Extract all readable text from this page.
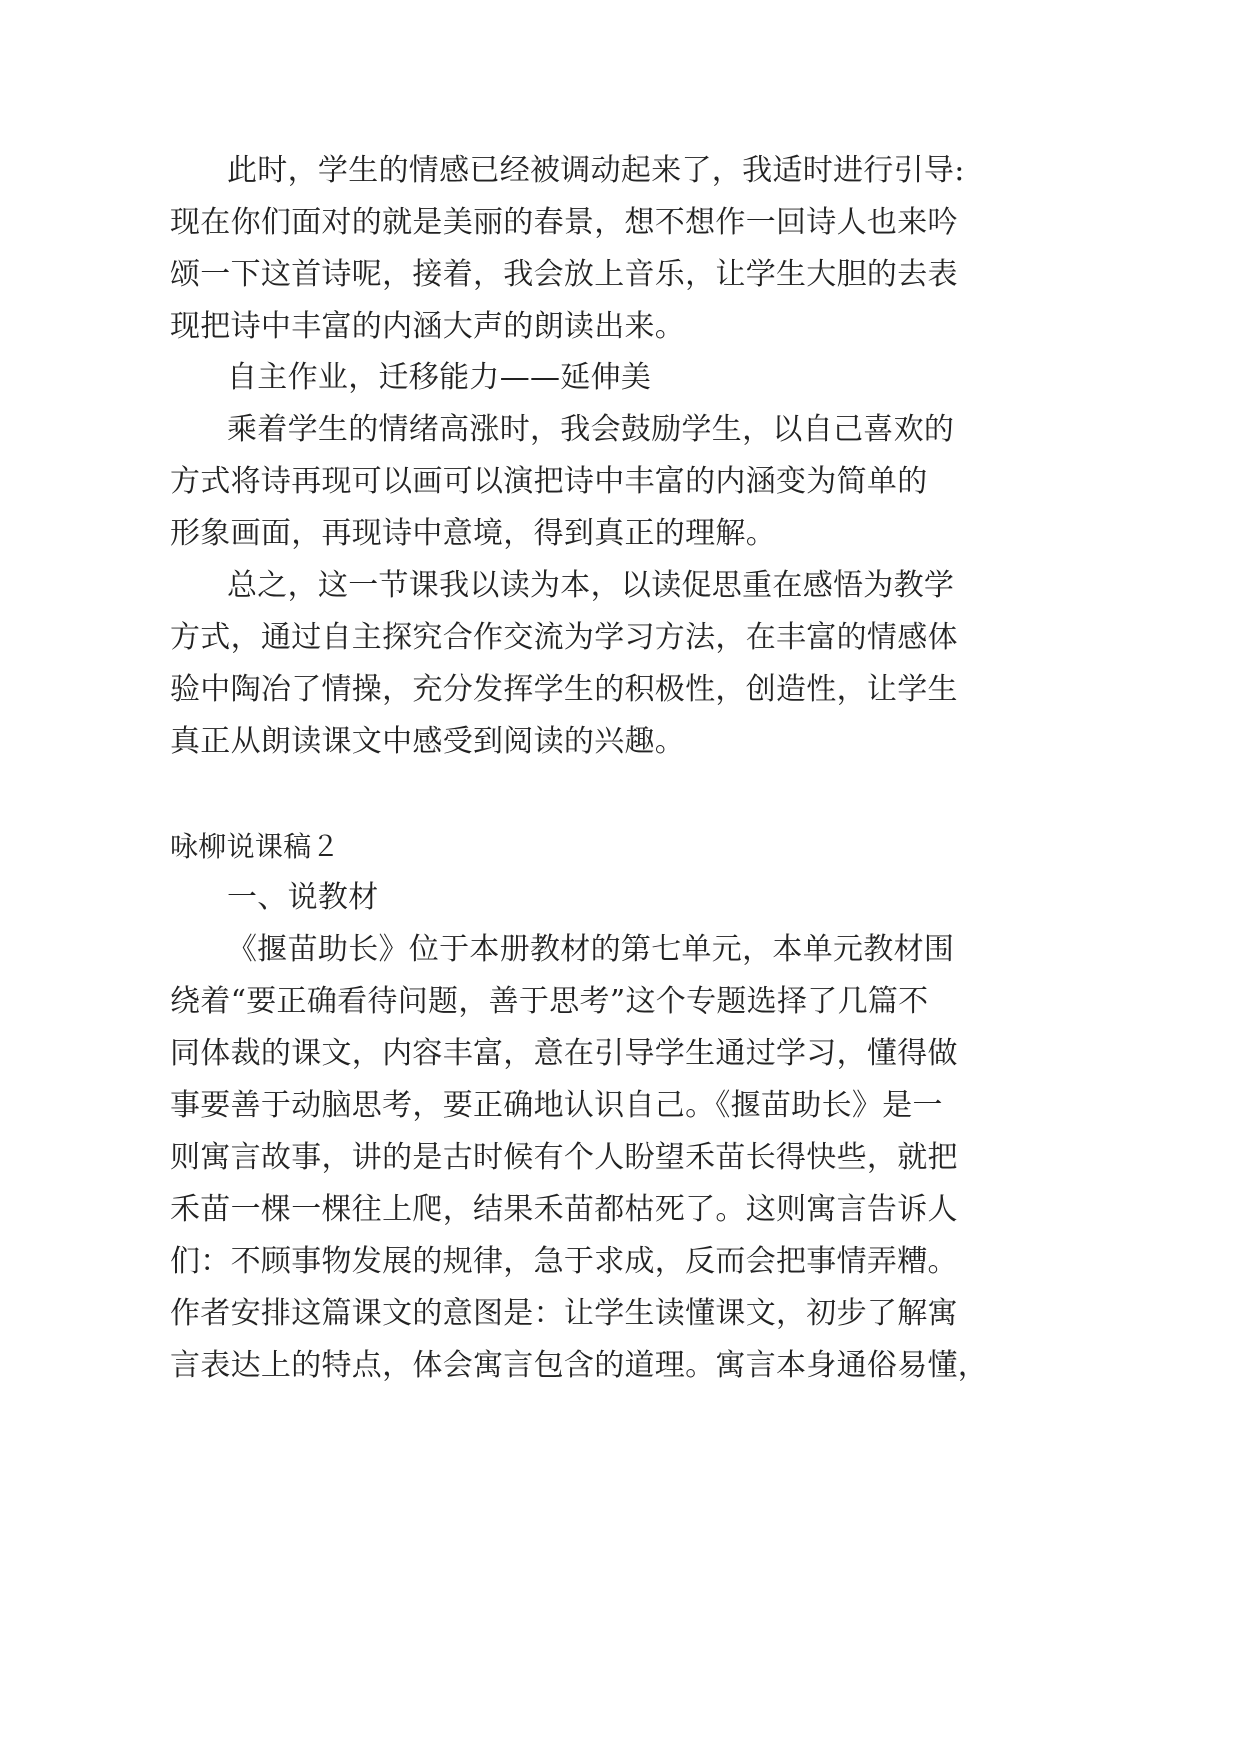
此时，学生的情感已经被调动起来了，我适时进行引导:
现在你们面对的就是美丽的春景，想不想作一回诗人也来吟
颂一下这首诗呢，接着，我会放上音乐，让学生大胆的去表
现把诗中丰富的内涵大声的朗读出来。
自主作业，迁移能力——延伸美
乘着学生的情绪高涨时，我会鼓励学生，以自己喜欢的
方式将诗再现可以画可以演把诗中丰富的内涵变为简单的
形象画面，再现诗中意境，得到真正的理解。
总之，这一节课我以读为本，以读促思重在感悟为教学
方式，通过自主探究合作交流为学习方法，在丰富的情感体
验中陶冶了情操，充分发挥学生的积极性，创造性，让学生
真正从朗读课文中感受到阅读的兴趣。
咏柳说课稿２
一、说教材
《揠苗助长》位于本册教材的第七单元，本单元教材围
绕着“要正确看待问题，善于思考”这个专题选择了几篇不
同体裁的课文，内容丰富，意在引导学生通过学习，懂得做
事要善于动脑思考，要正确地认识自己。《揠苗助长》是一
则寓言故事，讲的是古时候有个人盼望禾苗长得快些，就把
禾苗一棵一棵往上爬，结果禾苗都枯死了。这则寓言告诉人
们：不顾事物发展的规律，急于求成，反而会把事情弄糟。
作者安排这篇课文的意图是：让学生读懂课文，初步了解寓
言表达上的特点，体会寓言包含的道理。寓言本身通俗易懂，
